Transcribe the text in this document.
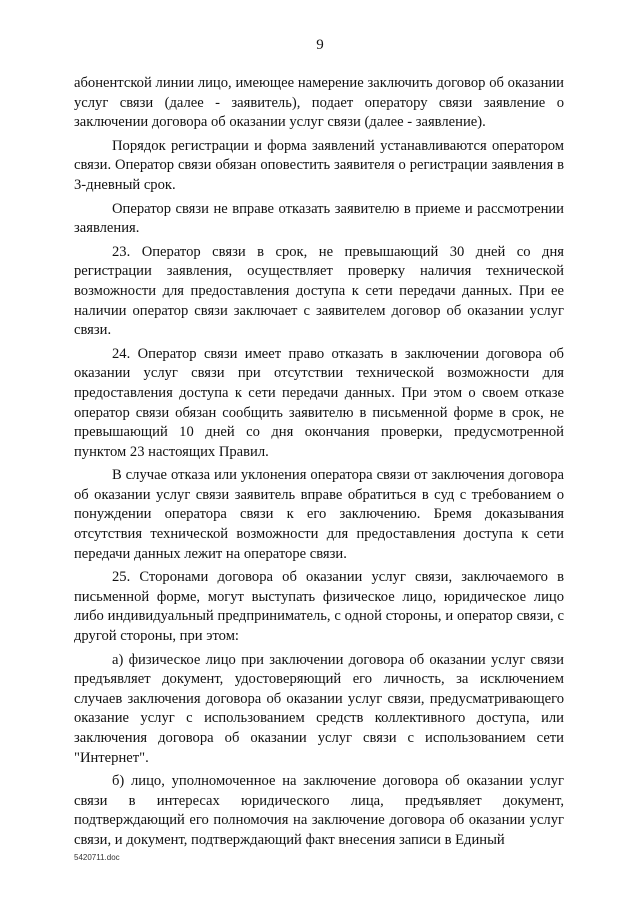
9

абонентской линии лицо, имеющее намерение заключить договор об оказании услуг связи (далее - заявитель), подает оператору связи заявление о заключении договора об оказании услуг связи (далее - заявление).

Порядок регистрации и форма заявлений устанавливаются оператором связи. Оператор связи обязан оповестить заявителя о регистрации заявления в 3-дневный срок.

Оператор связи не вправе отказать заявителю в приеме и рассмотрении заявления.

23. Оператор связи в срок, не превышающий 30 дней со дня регистрации заявления, осуществляет проверку наличия технической возможности для предоставления доступа к сети передачи данных. При ее наличии оператор связи заключает с заявителем договор об оказании услуг связи.

24. Оператор связи имеет право отказать в заключении договора об оказании услуг связи при отсутствии технической возможности для предоставления доступа к сети передачи данных. При этом о своем отказе оператор связи обязан сообщить заявителю в письменной форме в срок, не превышающий 10 дней со дня окончания проверки, предусмотренной пунктом 23 настоящих Правил.

В случае отказа или уклонения оператора связи от заключения договора об оказании услуг связи заявитель вправе обратиться в суд с требованием о понуждении оператора связи к его заключению. Бремя доказывания отсутствия технической возможности для предоставления доступа к сети передачи данных лежит на операторе связи.

25. Сторонами договора об оказании услуг связи, заключаемого в письменной форме, могут выступать физическое лицо, юридическое лицо либо индивидуальный предприниматель, с одной стороны, и оператор связи, с другой стороны, при этом:

а) физическое лицо при заключении договора об оказании услуг связи предъявляет документ, удостоверяющий его личность, за исключением случаев заключения договора об оказании услуг связи, предусматривающего оказание услуг с использованием средств коллективного доступа, или заключения договора об оказании услуг связи с использованием сети "Интернет".

б) лицо, уполномоченное на заключение договора об оказании услуг связи в интересах юридического лица, предъявляет документ, подтверждающий его полномочия на заключение договора об оказании услуг связи, и документ, подтверждающий факт внесения записи в Единый

5420711.doc
